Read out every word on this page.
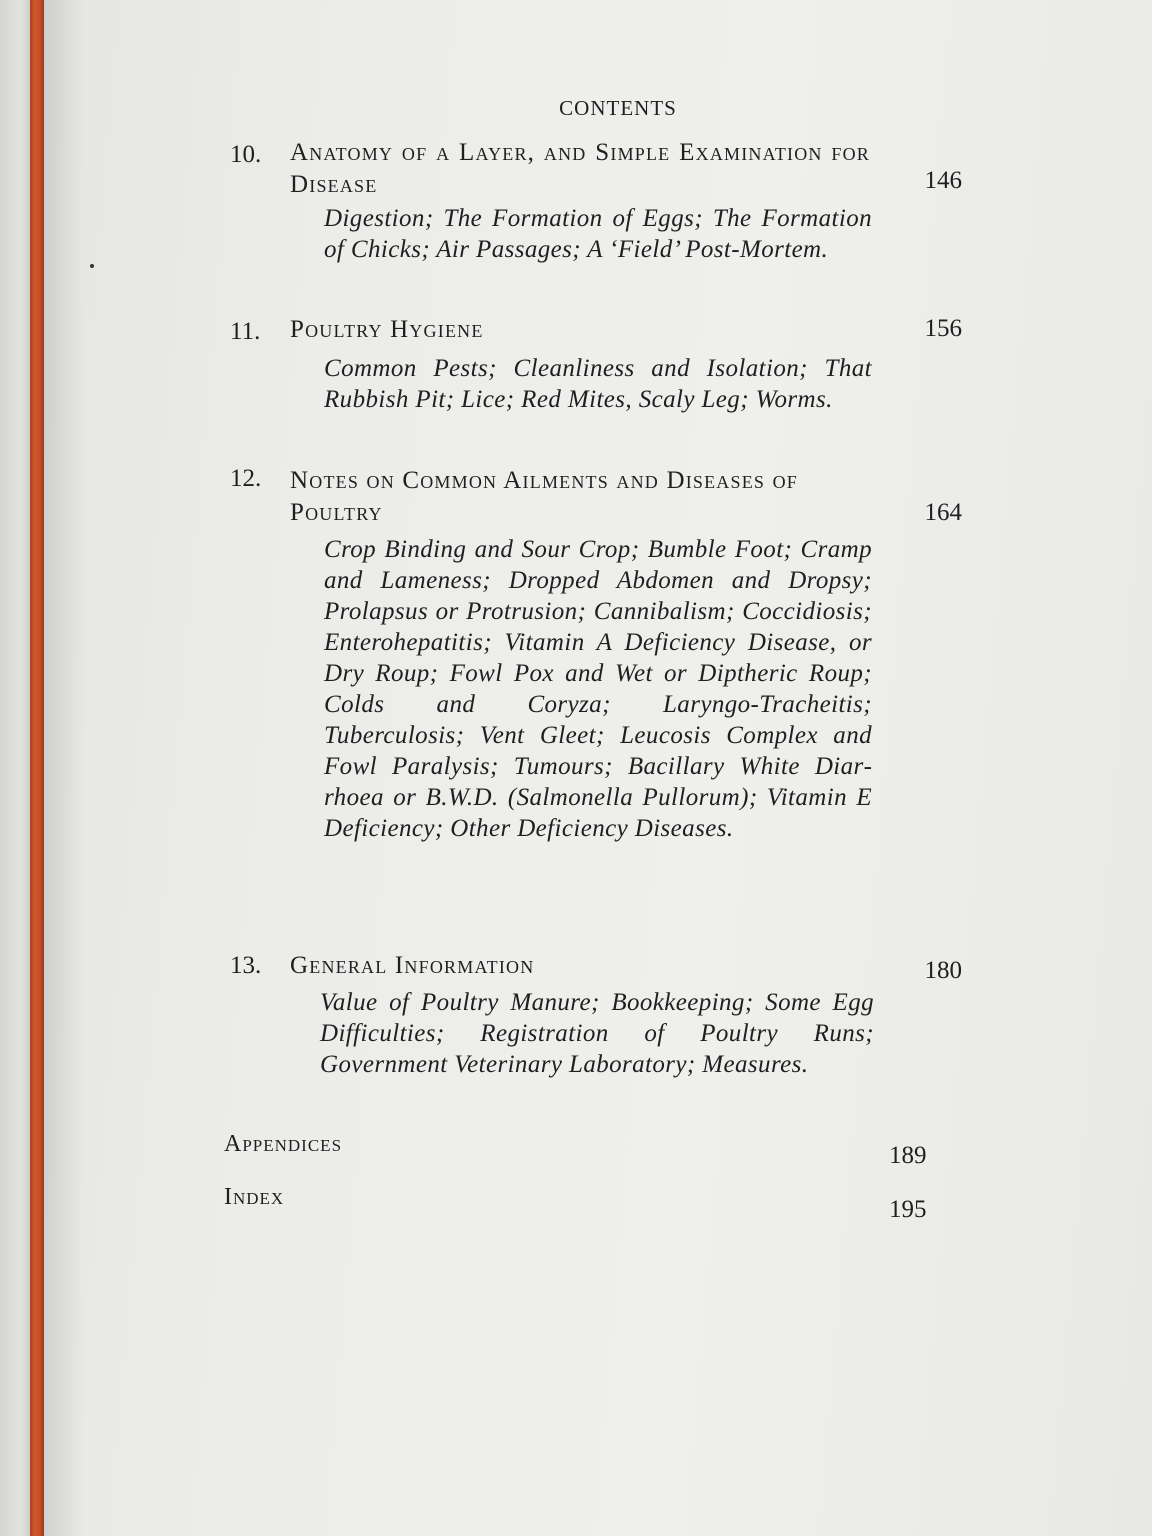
CONTENTS
10. Anatomy of a Layer, and Simple Examination for Disease	146
Digestion; The Formation of Eggs; The Formation of Chicks; Air Passages; A ‘Field’ Post-Mortem.
11. Poultry Hygiene	156
Common Pests; Cleanliness and Isolation; That Rubbish Pit; Lice; Red Mites, Scaly Leg; Worms.
12. Notes on Common Ailments and Diseases of Poultry	164
Crop Binding and Sour Crop; Bumble Foot; Cramp and Lameness; Dropped Abdomen and Dropsy; Prolapsus or Protrusion; Cannibalism; Coccidiosis; Enterohepatitis; Vitamin A Deficiency Disease, or Dry Roup; Fowl Pox and Wet or Diptheric Roup; Colds and Coryza; Laryngo-Tracheitis; Tuberculosis; Vent Gleet; Leucosis Complex and Fowl Paralysis; Tumours; Bacillary White Diarrhoea or B.W.D. (Salmonella Pullorum); Vitamin E Deficiency; Other Deficiency Diseases.
13. General Information	180
Value of Poultry Manure; Bookkeeping; Some Egg Difficulties; Registration of Poultry Runs; Government Veterinary Laboratory; Measures.
Appendices	189
Index	195
